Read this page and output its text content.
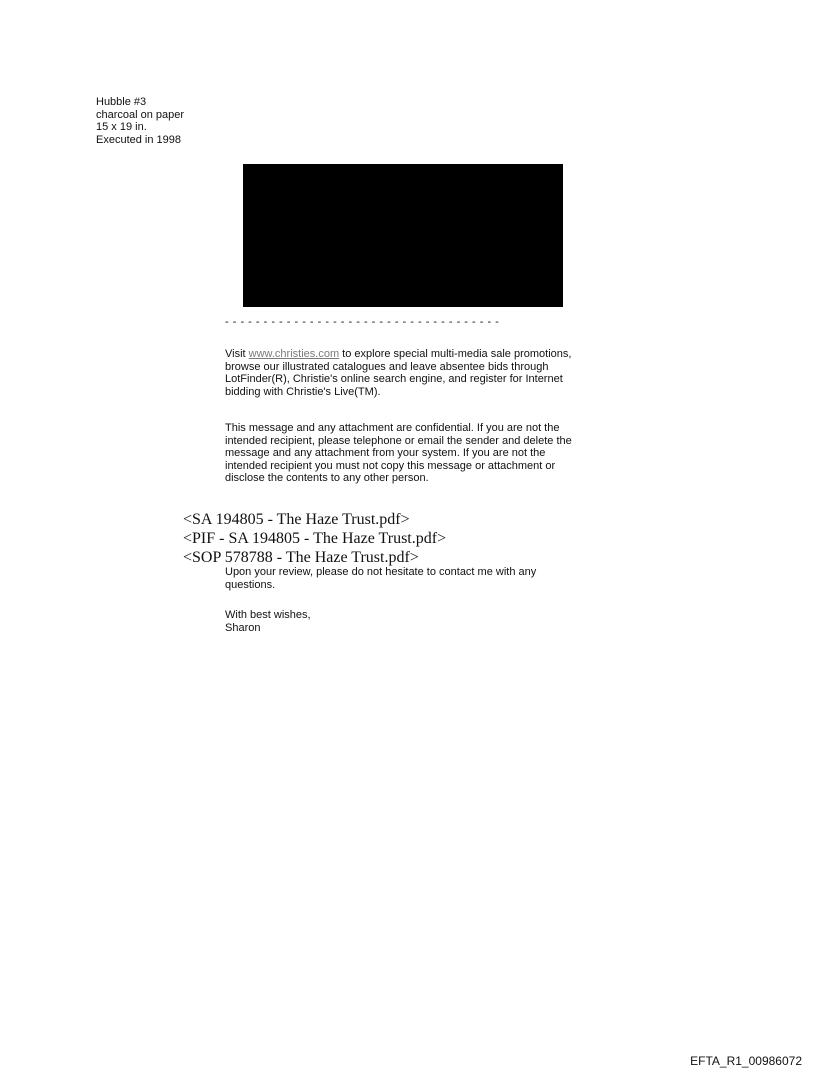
Hubble #3
charcoal on paper
15 x 19 in.
Executed in 1998
- - - - - - - - - - - - - - - - - - - - - - - - - - - - - - - - - - - -
Visit www.christies.com to explore special multi-media sale promotions, browse our illustrated catalogues and leave absentee bids through LotFinder(R), Christie's online search engine, and register for Internet bidding with Christie's Live(TM).
This message and any attachment are confidential. If you are not the intended recipient, please telephone or email the sender and delete the message and any attachment from your system. If you are not the intended recipient you must not copy this message or attachment or disclose the contents to any other person.
<SA 194805 - The Haze Trust.pdf>
<PIF - SA 194805 - The Haze Trust.pdf>
<SOP 578788 - The Haze Trust.pdf>
Upon your review, please do not hesitate to contact me with any questions.
With best wishes,
Sharon
EFTA_R1_00986072
